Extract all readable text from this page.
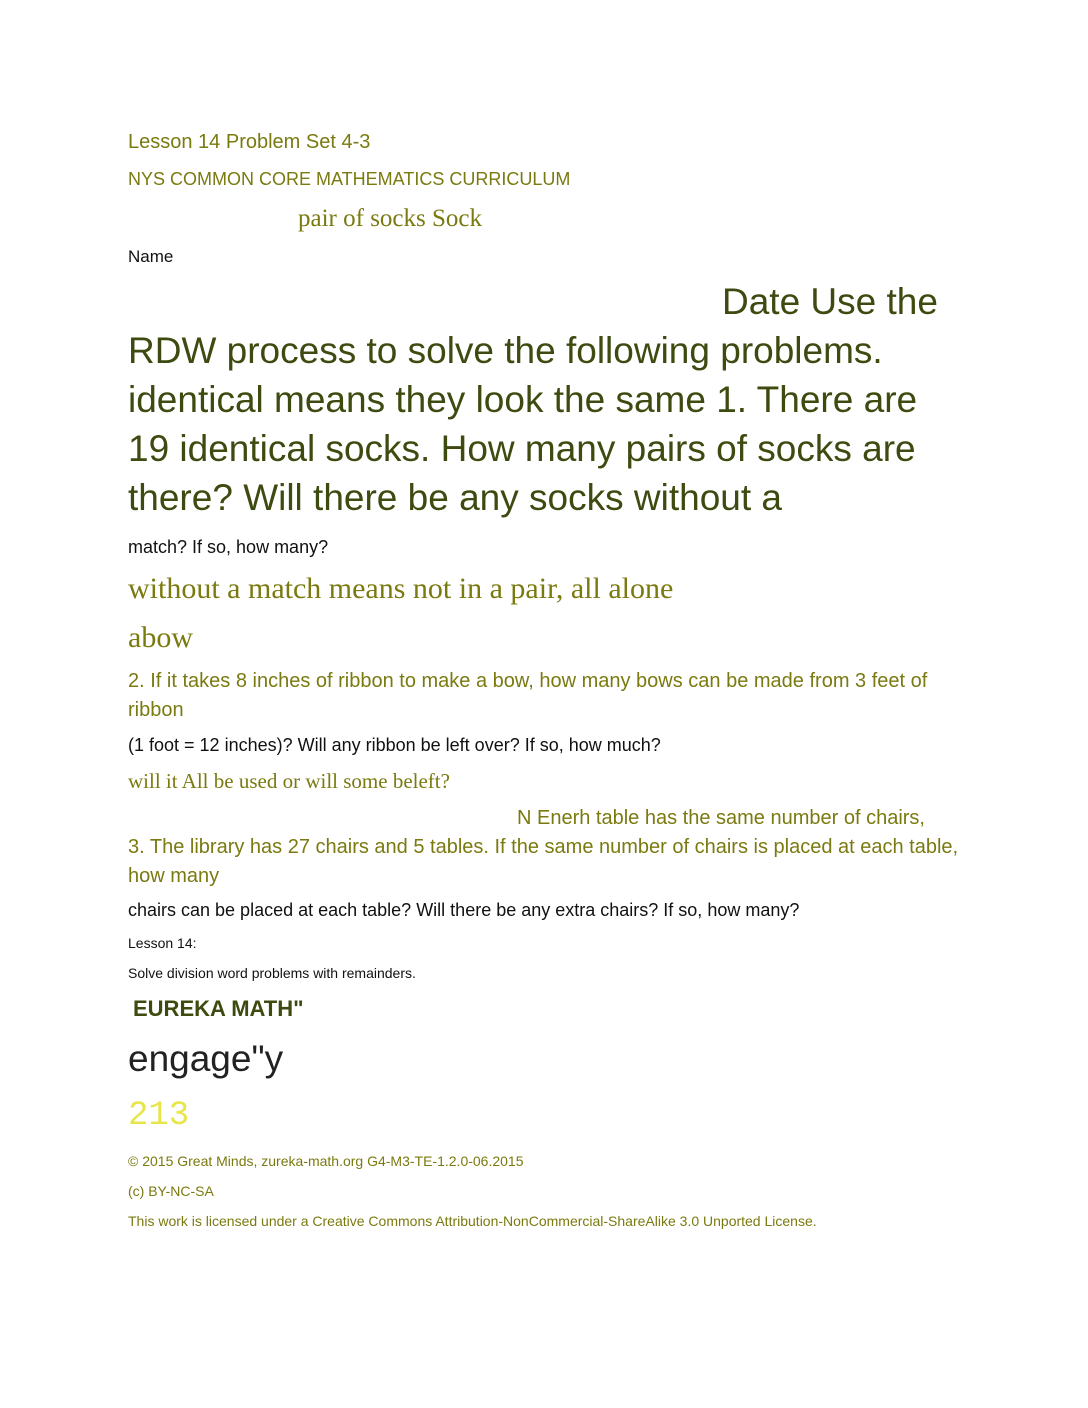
Lesson 14 Problem Set 4-3

NYS COMMON CORE MATHEMATICS CURRICULUM

pair of socks Sock

Name

Date Use the

RDW process to solve the following problems.

identical means they look the same 1. There are

19 identical socks. How many pairs of socks are

there? Will there be any socks without a

match? If so, how many?

without a match means not in a pair, all alone

abow

2. If it takes 8 inches of ribbon to make a bow, how many bows can be made from 3 feet of ribbon

(1 foot = 12 inches)? Will any ribbon be left over? If so, how much?

will it All be used or will some beleft?

N Enerh table has the same number of chairs,

3. The library has 27 chairs and 5 tables. If the same number of chairs is placed at each table, how many

chairs can be placed at each table? Will there be any extra chairs? If so, how many?

Lesson 14:

Solve division word problems with remainders.

EUREKA MATH"

engage"y

213

© 2015 Great Minds, zureka-math.org G4-M3-TE-1.2.0-06.2015

(c) BY-NC-SA

This work is licensed under a Creative Commons Attribution-NonCommercial-ShareAlike 3.0 Unported License.
